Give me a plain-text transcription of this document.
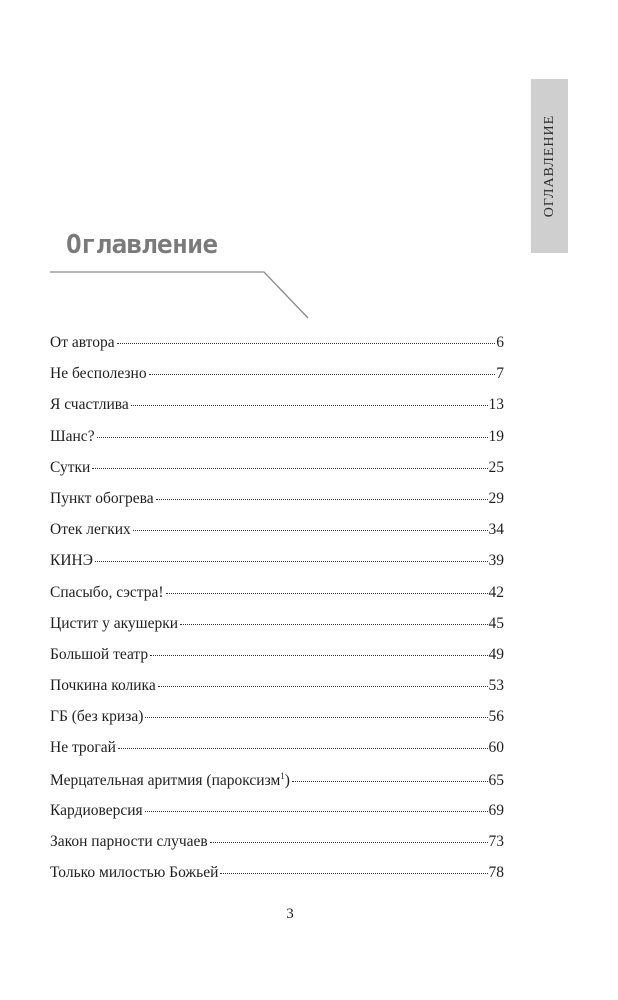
ОГЛАВЛЕНИЕ
Оглавление
От автора	6
Не бесполезно	7
Я счастлива	13
Шанс?	19
Сутки	25
Пункт обогрева	29
Отек легких	34
КИНЭ	39
Спасыбо, сэстра!	42
Цистит у акушерки	45
Большой театр	49
Почкина колика	53
ГБ (без криза)	56
Не трогай	60
Мерцательная аритмия (пароксизм$^1$)	65
Кардиоверсия	69
Закон парности случаев	73
Только милостью Божьей	78
3
